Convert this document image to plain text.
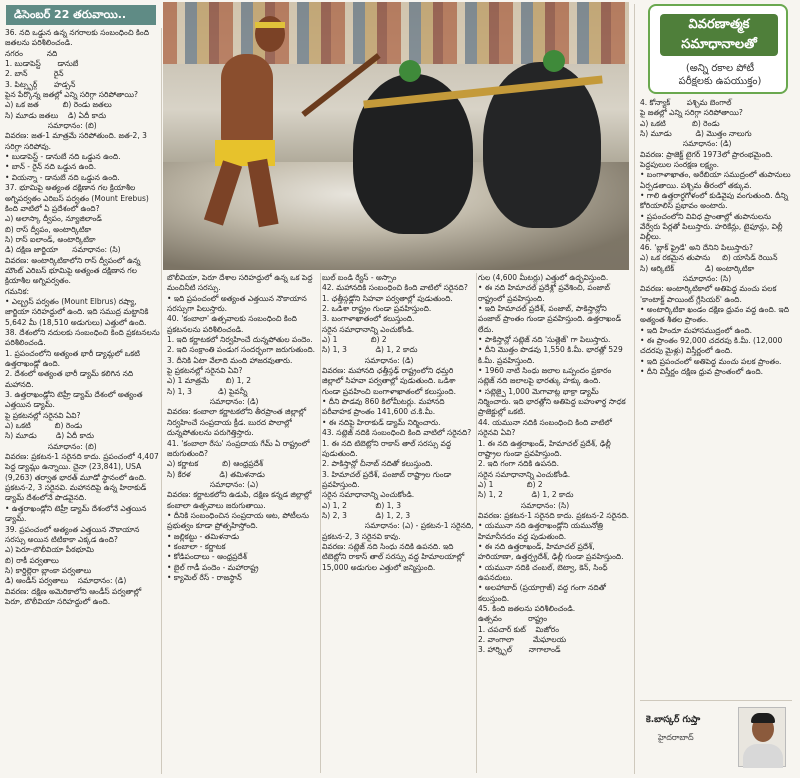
డిసెంబర్ 22 తరువాయి..
వివరణాత్మక
సమాధానాలతో
(అన్ని రకాల పోటీ
పరీక్షలకు ఉపయుక్తం)
36. నది ఒడ్డున ఉన్న నగరాలకు సంబంధించి కింది జతలను పరిశీలించండి.
నగరం          నది
1. బుడాపెస్ట్       డానుబే
2. బాన్           రైన్
3. పిట్స్బర్గ్       హడ్సన్
పైన పేర్కొన్న జతల్లో ఎన్ని సరిగ్గా సరిపోతాయి?
ఎ) ఒక జత          బి) రెండు జతలు
సి) మూడు జతలు    డి) ఏదీ కాదు
సమాధానం: (బి)
వివరణ: జత-1 మాత్రమే సరిపోతుంది. జత-2, 3 సరిగ్గా సరిపోవు.
• బుడాపెస్ట్ - డానుబే నది ఒడ్డున ఉంది.
• బాన్ - రైన్ నది ఒడ్డున ఉంది.
• వియన్నా - డానుబే నది ఒడ్డున ఉంది.
37. భూమిపై అత్యంత దక్షిణాన గల క్రియాశీల అగ్నిపర్వతం ఎరిబస్ పర్వతం (Mount Erebus) కింది వాటిలో ఏ ప్రదేశంలో ఉంది?
ఎ) అలాస్కా ద్వీపం, న్యూజిలాండ్
బి) రాస్ ద్వీపం, అంటార్కిటికా
సి) రాస్ ఐలాండ్, అంటార్కిటికా
డి) దక్షిణ జార్జియా      సమాధానం: (సి)
వివరణ: అంటార్కిటికాలోని రాస్ ద్వీపంలో ఉన్న మౌంట్ ఎరిబస్ భూమిపై అత్యంత దక్షిణాన గల క్రియాశీల అగ్నిపర్వతం.
గమనిక:
• ఎల్బ్రస్ పర్వతం (Mount Elbrus) రష్యా, జార్జియా సరిహద్దులో ఉంది. ఇది సముద్ర మట్టానికి 5,642 మీ (18,510 అడుగులు) ఎత్తులో ఉంది.
38. దేశంలోని నదులకు సంబంధించి కింది ప్రకటనలను పరిశీలించండి.
1. ప్రపంచంలోని అత్యంత భారీ డ్యామ్లలో ఒకటి ఉత్తరాఖండ్లో ఉంది.
2. దేశంలో అత్యంత భారీ డ్యామ్ కలిగిన నది మహానది.
3. ఉత్తరాఖండ్లోని టెహ్రీ డ్యామ్ దేశంలో అత్యంత ఎత్తయిన డ్యామ్.
పై ప్రకటనల్లో సరైనవి ఏవి?
ఎ) ఒకటి          బి) రెండు
సి) మూడు        డి) ఏదీ కాదు
సమాధానం: (బి)
వివరణ: ప్రకటన-1 సరైనది కాదు. ప్రపంచంలో 4,407 పెద్ద డ్యామ్లు ఉన్నాయి. చైనా (23,841), USA (9,263) తర్వాత భారత్ మూడో స్థానంలో ఉంది.
ప్రకటన-2, 3 సరైనవి. మహానదిపై ఉన్న హిరాకుడ్ డ్యామ్ దేశంలోనే పొడవైనది.
• ఉత్తరాఖండ్లోని టెహ్రీ డ్యామ్ దేశంలోనే ఎత్తయిన డ్యామ్.
39. ప్రపంచంలో అత్యంత ఎత్తయిన నౌకాయాన సరస్సు అయిన టిటికాకా ఎక్కడ ఉంది?
ఎ) పెరూ-బొలీవియా పీఠభూమి
బి) రాకీ పర్వతాలు
సి) కార్డిల్లెరా బ్లాంకా పర్వతాలు
డి) ఆండీస్ పర్వతాలు    సమాధానం: (డి)
వివరణ: దక్షిణ అమెరికాలోని ఆండీస్ పర్వతాల్లో పెరూ, బొలీవియా సరిహద్దులో ఉంది.
బొలీవియా, పెరూ దేశాల సరిహద్దులో ఉన్న ఒక పెద్ద మంచినీటి సరస్సు.
• ఇది ప్రపంచంలో అత్యంత ఎత్తయిన నౌకాయాన సరస్సుగా పిలుస్తారు.
40. 'కంబాలా' ఉత్సవాలకు సంబంధించి కింది ప్రకటనలను పరిశీలించండి.
1. ఇది కర్ణాటకలో నిర్వహించే దున్నపోతుల పందెం.
2. ఇది సంక్రాంతి పండుగ సందర్భంగా జరుగుతుంది.
3. దీనికి ఏటా వేలాది మంది హాజరవుతారు.
పై ప్రకటనల్లో సరైనవి ఏవి?
ఎ) 1 మాత్రమే       బి) 1, 2
సి) 1, 3           డి) పైవన్నీ
సమాధానం: (డి)
వివరణ: కంబాలా కర్ణాటకలోని తీరప్రాంత జిల్లాల్లో నిర్వహించే సంప్రదాయ క్రీడ. బురద పొలాల్లో దున్నపోతులను పరుగెత్తిస్తారు.
41. 'కంబాలా రేసు' సంప్రదాయ గేమ్ ఏ రాష్ట్రంలో జరుగుతుంది?
ఎ) కర్ణాటక          బి) ఆంధ్రప్రదేశ్
సి) కేరళ            డి) తమిళనాడు
సమాధానం: (ఎ)
వివరణ: కర్ణాటకలోని ఉడుపి, దక్షిణ కన్నడ జిల్లాల్లో కంబాలా ఉత్సవాలు జరుగుతాయి.
• దీనికి సంబంధించిన సంప్రదాయ ఆట, పోటీలను ప్రభుత్వం కూడా ప్రోత్సహిస్తోంది.
• జల్లికట్టు - తమిళనాడు
• కంబాలా - కర్ణాటక
• కోడిపందాలు - ఆంధ్రప్రదేశ్
• బైల్ గాడీ పందెం - మహారాష్ట్ర
• క్యామెల్ రేస్ - రాజస్థాన్
బుల్ బండి ర్యేస్ - అస్సాం
42. మహానదికి సంబంధించి కింది వాటిలో సరైనది?
1. ఛత్తీస్గఢ్లోని సిహవా పర్వతాల్లో పుడుతుంది.
2. ఒడిశా రాష్ట్రం గుండా ప్రవహిస్తుంది.
3. బంగాళాఖాతంలో కలుస్తుంది.
సరైన సమాధానాన్ని ఎంచుకోండి.
ఎ) 1              బి) 2
సి) 1, 3            డి) 1, 2 కాదు
సమాధానం: (డి)
వివరణ: మహానది ఛత్తీస్గఢ్ రాష్ట్రంలోని ధమ్తరి జిల్లాలో సిహవా పర్వతాల్లో పుడుతుంది. ఒడిశా గుండా ప్రవహించి బంగాళాఖాతంలో కలుస్తుంది.
• దీని పొడవు 860 కిలోమీటర్లు. మహానది పరీవాహక ప్రాంతం 141,600 చ.కి.మీ.
• ఈ నదిపై హిరాకుడ్ డ్యామ్ నిర్మించారు.
43. సట్లెజ్ నదికి సంబంధించి కింది వాటిలో సరైనది?
1. ఈ నది టిబెట్లోని రాకాస్ తాల్ సరస్సు వద్ద పుడుతుంది.
2. పాకిస్తాన్లో చీనాబ్ నదితో కలుస్తుంది.
3. హిమాచల్ ప్రదేశ్, పంజాబ్ రాష్ట్రాల గుండా ప్రవహిస్తుంది.
సరైన సమాధానాన్ని ఎంచుకోండి.
ఎ) 1, 2            బి) 1, 3
సి) 2, 3            డి) 1, 2, 3
సమాధానం: (ఎ) - ప్రకటన-1 సరైనది, ప్రకటన-2, 3 సరైనవి కావు.
వివరణ: సట్లెజ్ నది సింధు నదికి ఉపనది. ఇది టిబెట్లోని రాకాస్ తాల్ సరస్సు వద్ద హిమాలయాల్లో 15,000 అడుగుల ఎత్తులో జన్మిస్తుంది.
గుల (4,600 మీటర్లు) ఎత్తులో ఉద్భవిస్తుంది.
• ఈ నది హిమాచల్ ప్రదేశ్లో ప్రవేశించి, పంజాబ్ రాష్ట్రంలో ప్రవహిస్తుంది.
• ఇది హిమాచల్ ప్రదేశ్, పంజాబ్, పాకిస్తాన్లోని పంజాబ్ ప్రాంతం గుండా ప్రవహిస్తుంది. ఉత్తరాఖండ్ లేదు.
• పాకిస్తాన్లో సట్లెజ్ నది 'సుత్లెజ్' గా పిలుస్తారు.
• దీని మొత్తం పొడవు 1,550 కి.మీ. భారత్లో 529 కి.మీ. ప్రవహిస్తుంది.
• 1960 నాటి సింధు జలాల ఒప్పందం ప్రకారం సట్లెజ్ నది జలాలపై భారత్కు హక్కు ఉంది.
• సట్లెజ్పై 1,000 మెగావాట్ల భాక్రా డ్యామ్ నిర్మించారు. ఇది భారత్లోని అతిపెద్ద బహుళార్థ సాధక ప్రాజెక్టుల్లో ఒకటి.
44. యమునా నదికి సంబంధించి కింది వాటిలో సరైనవి ఏవి?
1. ఈ నది ఉత్తరాఖండ్, హిమాచల్ ప్రదేశ్, ఢిల్లీ రాష్ట్రాల గుండా ప్రవహిస్తుంది.
2. ఇది గంగా నదికి ఉపనది.
సరైన సమాధానాన్ని ఎంచుకోండి.
ఎ) 1              బి) 2
సి) 1, 2            డి) 1, 2 కాదు
సమాధానం: (సి)
వివరణ: ప్రకటన-1 సరైనది కాదు. ప్రకటన-2 సరైనది.
• యమునా నది ఉత్తరాఖండ్లోని యమునోత్రి హిమానీనదం వద్ద పుడుతుంది.
• ఈ నది ఉత్తరాఖండ్, హిమాచల్ ప్రదేశ్, హరియాణా, ఉత్తర్ప్రదేశ్, ఢిల్లీ గుండా ప్రవహిస్తుంది.
• యమునా నదికి చంబల్, బెట్వా, కెన్, సింధ్ ఉపనదులు.
• అలహాబాద్ (ప్రయాగ్రాజ్) వద్ద గంగా నదితో కలుస్తుంది.
45. కింది జతలను పరిశీలించండి.
ఉత్సవం           రాష్ట్రం
1. చపచార్ కుట్    మిజోరం
2. వాంగాలా        మేఘాలయ
3. హార్న్బిల్       నాగాలాండ్
4. కోన్యాక్       పశ్చిమ బెంగాల్
పై జతల్లో ఎన్ని సరిగ్గా సరిపోతాయి?
ఎ) ఒకటి           బి) రెండు
సి) మూడు          డి) మొత్తం నాలుగు
సమాధానం: (డి)
వివరణ: ప్రాజెక్ట్ టైగర్ 1973లో ప్రారంభమైంది. పెద్దపులుల సంరక్షణ లక్ష్యం.
• బంగాళాఖాతం, అరేబియా సముద్రంలో తుపానులు ఏర్పడతాయి. పశ్చిమ తీరంలో తక్కువ.
• గాలి ఉత్తరార్ధగోళంలో కుడివైపు వంగుతుంది. దీన్ని కోరియాలిస్ ప్రభావం అంటారు.
• ప్రపంచంలోని వివిధ ప్రాంతాల్లో తుపానులను వేర్వేరు పేర్లతో పిలుస్తారు. హరికేన్లు, టైఫూన్లు, విల్లీ విల్లీలు.
46. 'బ్లాక్ ఫ్రైడే' అని దేనిని పిలుస్తారు?
ఎ) ఒక రకమైన తుపాను     బి) యాసిడ్ రెయిన్
సి) ఆర్కిటిక్             డి) అంటార్కిటికా
సమాధానం: (సి)
వివరణ: అంటార్కిటికాలో అతిపెద్ద మంచు పలక 'కాంటాక్ట్ పాయింట్ గ్లేసియర్' ఉంది.
• అంటార్కిటికా ఖండం దక్షిణ ధ్రువం వద్ద ఉంది. ఇది అత్యంత శీతల ప్రాంతం.
• ఇది హిందూ మహాసముద్రంలో ఉంది.
• ఈ ప్రాంతం 92,000 చదరపు కి.మీ. (12,000 చదరపు మైళ్లు) విస్తీర్ణంలో ఉంది.
• ఇది ప్రపంచంలో అతిపెద్ద మంచు పలక ప్రాంతం.
• దీని విస్తీర్ణం దక్షిణ ధ్రువ ప్రాంతంలో ఉంది.
కె.బాస్కర్ గుప్తా
హైదరాబాద్
